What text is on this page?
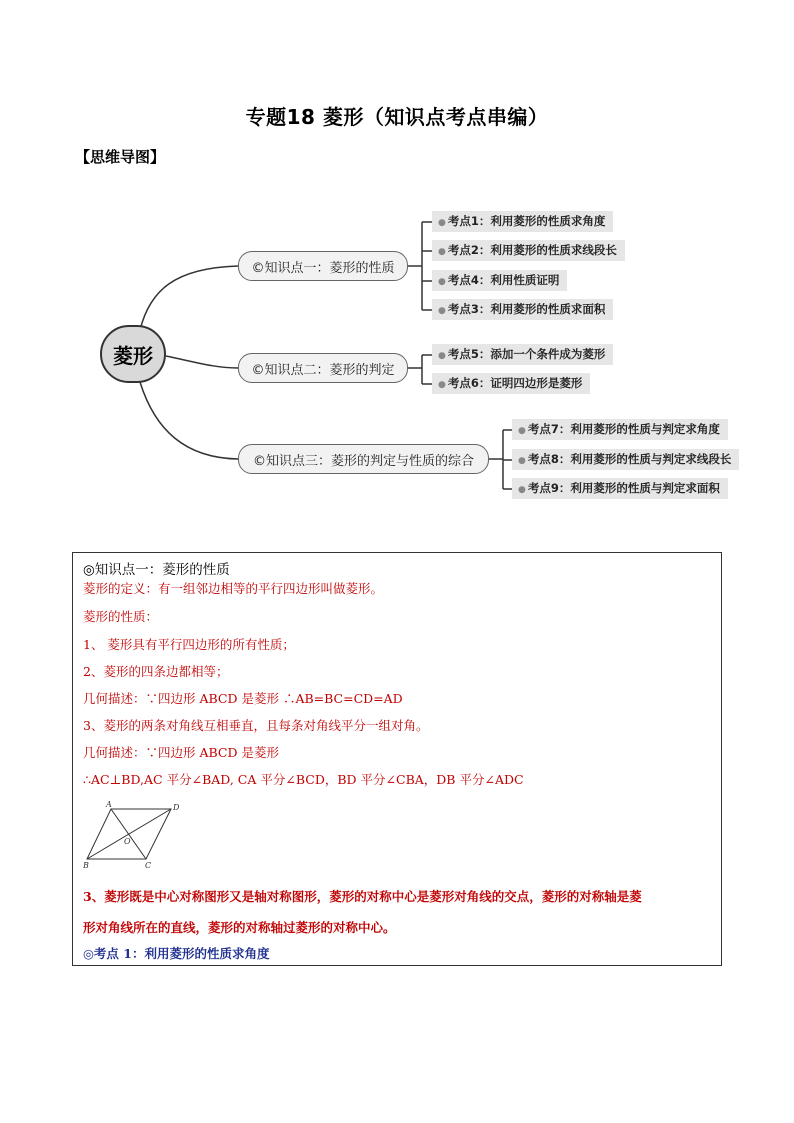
专题18 菱形（知识点考点串编）
【思维导图】
菱形
©知识点一：菱形的性质
©知识点二：菱形的判定
©知识点三：菱形的判定与性质的综合
● 考点1：利用菱形的性质求角度
● 考点2：利用菱形的性质求线段长
● 考点4：利用性质证明
● 考点3：利用菱形的性质求面积
● 考点5：添加一个条件成为菱形
● 考点6：证明四边形是菱形
● 考点7：利用菱形的性质与判定求角度
● 考点8：利用菱形的性质与判定求线段长
● 考点9：利用菱形的性质与判定求面积
◎知识点一：菱形的性质
菱形的定义：有一组邻边相等的平行四边形叫做菱形。
菱形的性质：
1、 菱形具有平行四边形的所有性质；
2、菱形的四条边都相等；
几何描述：∵四边形 ABCD 是菱形 ∴AB=BC=CD=AD
3、菱形的两条对角线互相垂直，且每条对角线平分一组对角。
几何描述：∵四边形 ABCD 是菱形
∴AC⊥BD,AC 平分∠BAD, CA 平分∠BCD，BD 平分∠CBA，DB 平分∠ADC
A	D
B	C
O
3、菱形既是中心对称图形又是轴对称图形，菱形的对称中心是菱形对角线的交点，菱形的对称轴是菱
形对角线所在的直线，菱形的对称轴过菱形的对称中心。
◎考点 1：利用菱形的性质求角度
